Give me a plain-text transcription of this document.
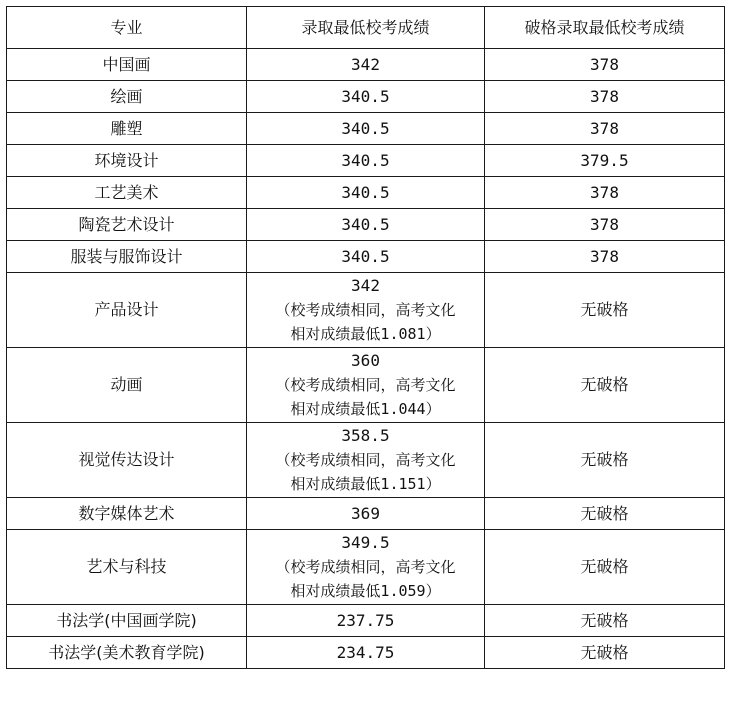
专业	录取最低校考成绩	破格录取最低校考成绩
中国画	342	378
绘画	340.5	378
雕塑	340.5	378
环境设计	340.5	379.5
工艺美术	340.5	378
陶瓷艺术设计	340.5	378
服装与服饰设计	340.5	378
产品设计	342
（校考成绩相同，高考文化
相对成绩最低1.081）	无破格
动画	360
（校考成绩相同，高考文化
相对成绩最低1.044）	无破格
视觉传达设计	358.5
（校考成绩相同，高考文化
相对成绩最低1.151）	无破格
数字媒体艺术	369	无破格
艺术与科技	349.5
（校考成绩相同，高考文化
相对成绩最低1.059）	无破格
书法学(中国画学院)	237.75	无破格
书法学(美术教育学院)	234.75	无破格
